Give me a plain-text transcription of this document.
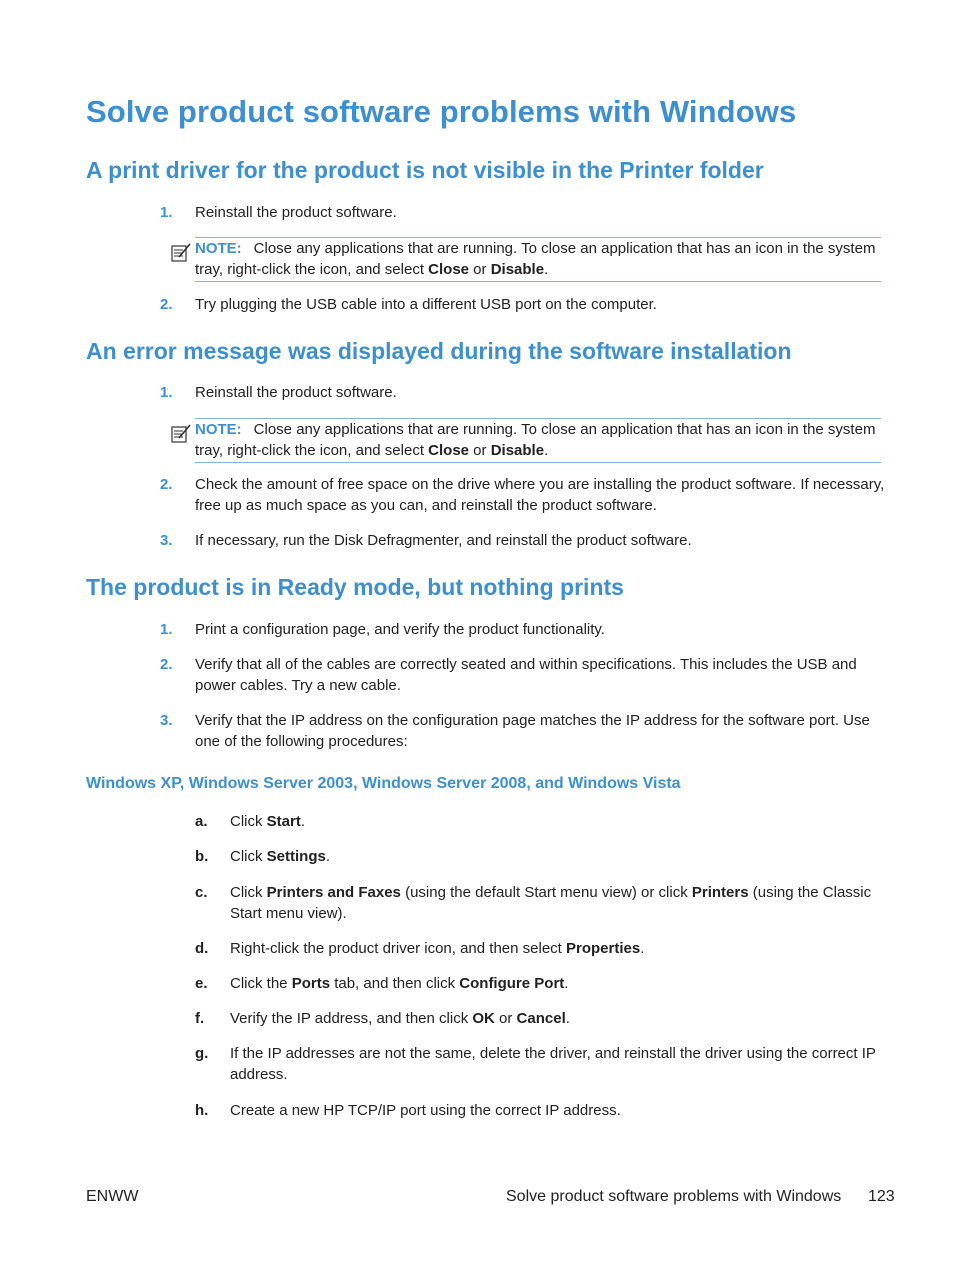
Solve product software problems with Windows
A print driver for the product is not visible in the Printer folder
1. Reinstall the product software.
NOTE: Close any applications that are running. To close an application that has an icon in the system tray, right-click the icon, and select Close or Disable.
2. Try plugging the USB cable into a different USB port on the computer.
An error message was displayed during the software installation
1. Reinstall the product software.
NOTE: Close any applications that are running. To close an application that has an icon in the system tray, right-click the icon, and select Close or Disable.
2. Check the amount of free space on the drive where you are installing the product software. If necessary, free up as much space as you can, and reinstall the product software.
3. If necessary, run the Disk Defragmenter, and reinstall the product software.
The product is in Ready mode, but nothing prints
1. Print a configuration page, and verify the product functionality.
2. Verify that all of the cables are correctly seated and within specifications. This includes the USB and power cables. Try a new cable.
3. Verify that the IP address on the configuration page matches the IP address for the software port. Use one of the following procedures:
Windows XP, Windows Server 2003, Windows Server 2008, and Windows Vista
a. Click Start.
b. Click Settings.
c. Click Printers and Faxes (using the default Start menu view) or click Printers (using the Classic Start menu view).
d. Right-click the product driver icon, and then select Properties.
e. Click the Ports tab, and then click Configure Port.
f. Verify the IP address, and then click OK or Cancel.
g. If the IP addresses are not the same, delete the driver, and reinstall the driver using the correct IP address.
h. Create a new HP TCP/IP port using the correct IP address.
ENWW	Solve product software problems with Windows 123
